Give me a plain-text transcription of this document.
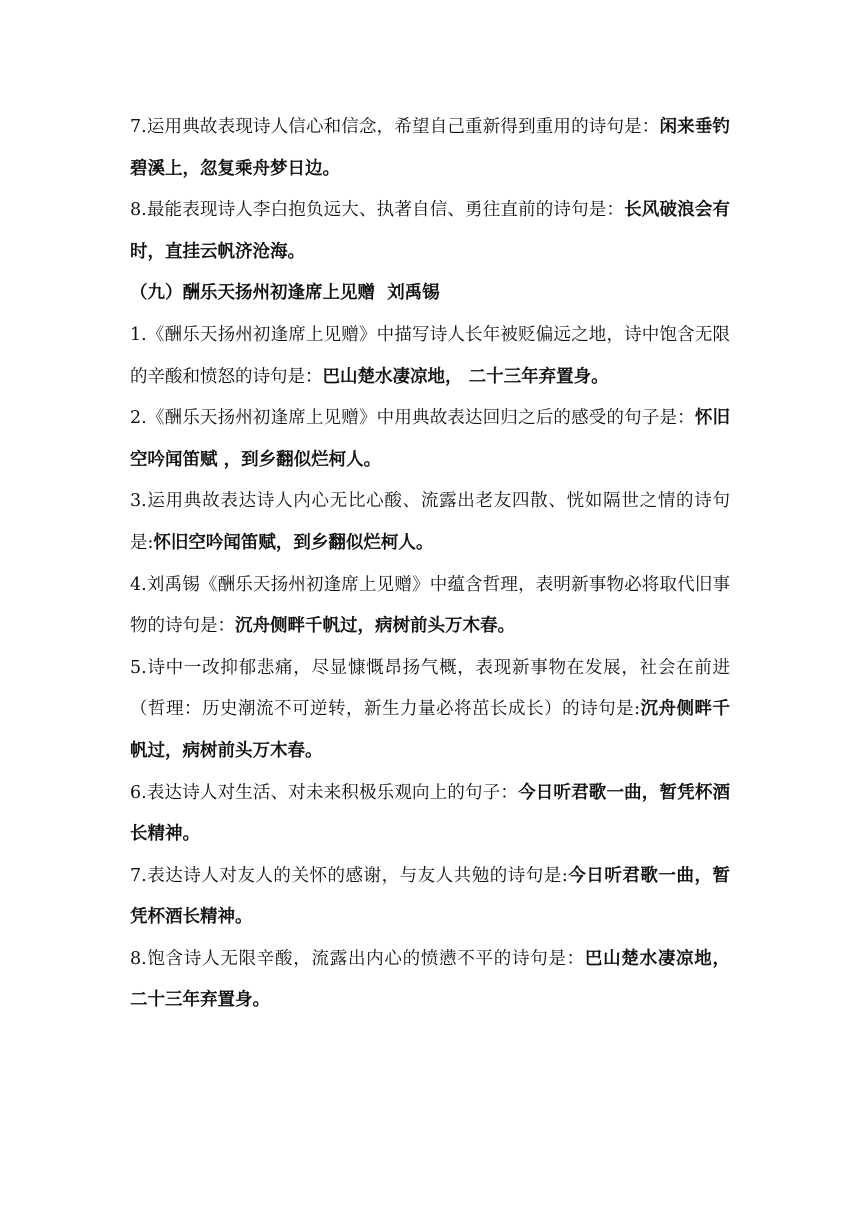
7.运用典故表现诗人信心和信念，希望自己重新得到重用的诗句是：闲来垂钓碧溪上，忽复乘舟梦日边。

8.最能表现诗人李白抱负远大、执著自信、勇往直前的诗句是：长风破浪会有时，直挂云帆济沧海。

（九）酬乐天扬州初逢席上见赠 刘禹锡

1.《酬乐天扬州初逢席上见赠》中描写诗人长年被贬偏远之地，诗中饱含无限的辛酸和愤怒的诗句是：巴山楚水凄凉地， 二十三年弃置身。

2.《酬乐天扬州初逢席上见赠》中用典故表达回归之后的感受的句子是：怀旧空吟闻笛赋 ，到乡翻似烂柯人。

3.运用典故表达诗人内心无比心酸、流露出老友四散、恍如隔世之情的诗句是:怀旧空吟闻笛赋，到乡翻似烂柯人。

4.刘禹锡《酬乐天扬州初逢席上见赠》中蕴含哲理，表明新事物必将取代旧事物的诗句是：沉舟侧畔千帆过，病树前头万木春。

5.诗中一改抑郁悲痛，尽显慷慨昂扬气概，表现新事物在发展，社会在前进（哲理：历史潮流不可逆转，新生力量必将茁长成长）的诗句是:沉舟侧畔千帆过，病树前头万木春。

6.表达诗人对生活、对未来积极乐观向上的句子：今日听君歌一曲，暂凭杯酒长精神。

7.表达诗人对友人的关怀的感谢，与友人共勉的诗句是:今日听君歌一曲，暂凭杯酒长精神。

8.饱含诗人无限辛酸，流露出内心的愤懑不平的诗句是：巴山楚水凄凉地， 二十三年弃置身。
